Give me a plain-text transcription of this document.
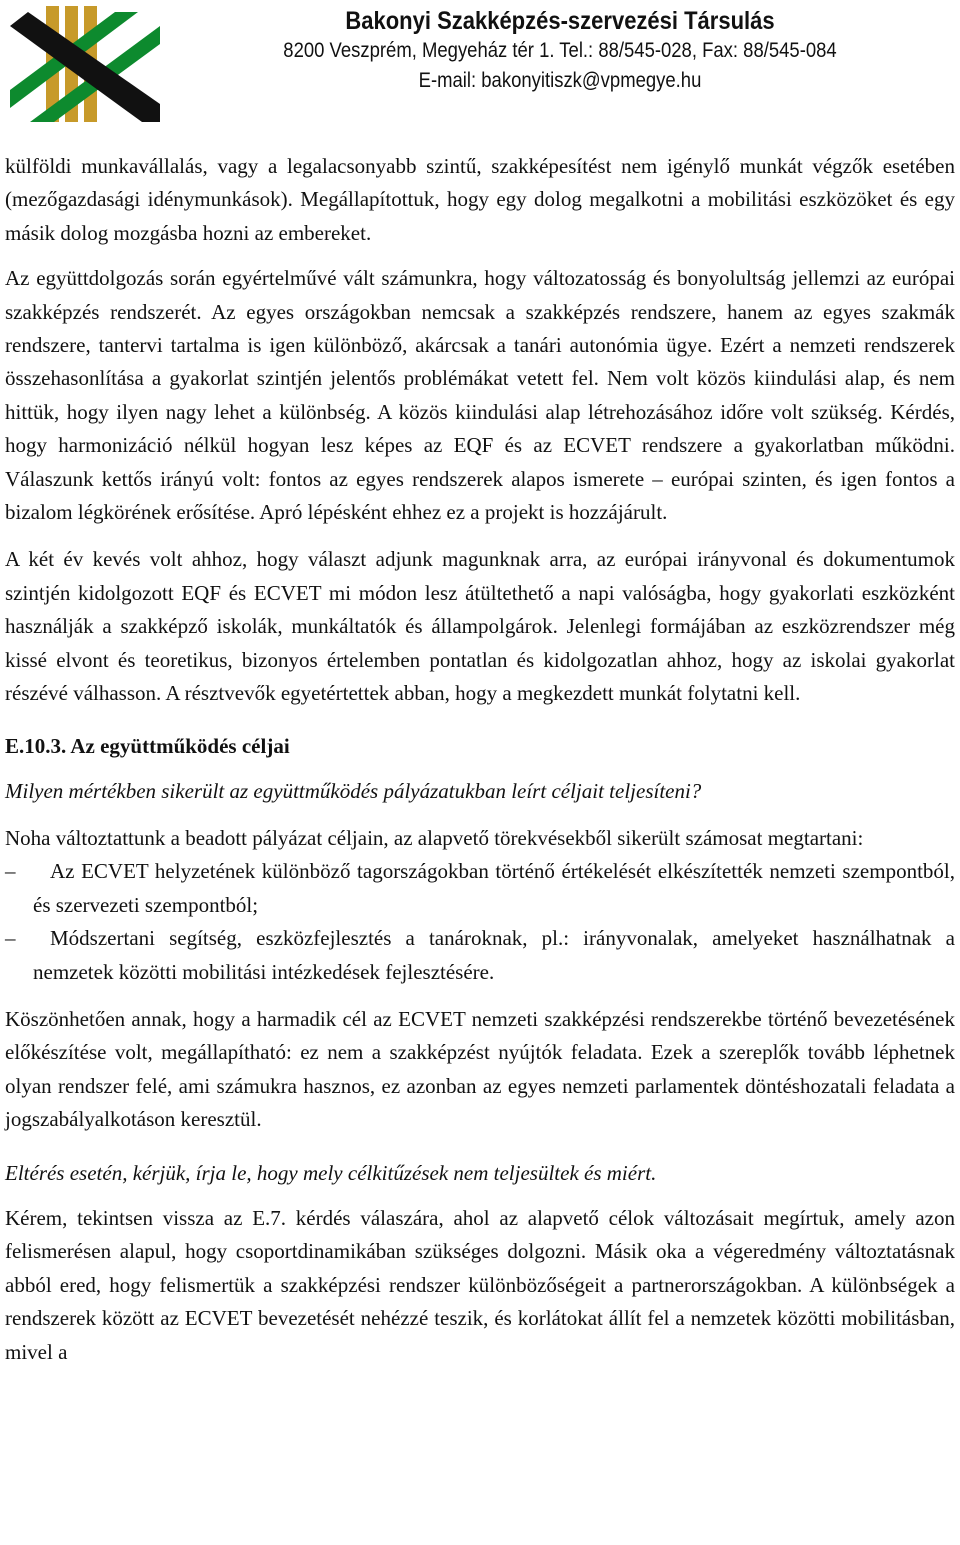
Bakonyi Szakképzés-szervezési Társulás
8200 Veszprém, Megyeház tér 1. Tel.: 88/545-028, Fax: 88/545-084
E-mail: bakonyitiszk@vpmegye.hu

külföldi munkavállalás, vagy a legalacsonyabb szintű, szakképesítést nem igénylő munkát végzők esetében (mezőgazdasági idénymunkások). Megállapítottuk, hogy egy dolog megalkotni a mobilitási eszközöket és egy másik dolog mozgásba hozni az embereket.

Az együttdolgozás során egyértelművé vált számunkra, hogy változatosság és bonyolultság jellemzi az európai szakképzés rendszerét. Az egyes országokban nemcsak a szakképzés rendszere, hanem az egyes szakmák rendszere, tantervi tartalma is igen különböző, akárcsak a tanári autonómia ügye. Ezért a nemzeti rendszerek összehasonlítása a gyakorlat szintjén jelentős problémákat vetett fel. Nem volt közös kiindulási alap, és nem hittük, hogy ilyen nagy lehet a különbség. A közös kiindulási alap létrehozásához időre volt szükség. Kérdés, hogy harmonizáció nélkül hogyan lesz képes az EQF és az ECVET rendszere a gyakorlatban működni. Válaszunk kettős irányú volt: fontos az egyes rendszerek alapos ismerete – európai szinten, és igen fontos a bizalom légkörének erősítése. Apró lépésként ehhez ez a projekt is hozzájárult.

A két év kevés volt ahhoz, hogy választ adjunk magunknak arra, az európai irányvonal és dokumentumok szintjén kidolgozott EQF és ECVET mi módon lesz átültethető a napi valóságba, hogy gyakorlati eszközként használják a szakképző iskolák, munkáltatók és állampolgárok. Jelenlegi formájában az eszközrendszer még kissé elvont és teoretikus, bizonyos értelemben pontatlan és kidolgozatlan ahhoz, hogy az iskolai gyakorlat részévé válhasson. A résztvevők egyetértettek abban, hogy a megkezdett munkát folytatni kell.

E.10.3. Az együttműködés céljai

Milyen mértékben sikerült az együttműködés pályázatukban leírt céljait teljesíteni?

Noha változtattunk a beadott pályázat céljain, az alapvető törekvésekből sikerült számosat megtartani:

– Az ECVET helyzetének különböző tagországokban történő értékelését elkészítették nemzeti szempontból, és szervezeti szempontból;
– Módszertani segítség, eszközfejlesztés a tanároknak, pl.: irányvonalak, amelyeket használhatnak a nemzetek közötti mobilitási intézkedések fejlesztésére.

Köszönhetően annak, hogy a harmadik cél az ECVET nemzeti szakképzési rendszerekbe történő bevezetésének előkészítése volt, megállapítható: ez nem a szakképzést nyújtók feladata. Ezek a szereplők tovább léphetnek olyan rendszer felé, ami számukra hasznos, ez azonban az egyes nemzeti parlamentek döntéshozatali feladata a jogszabályalkotáson keresztül.

Eltérés esetén, kérjük, írja le, hogy mely célkitűzések nem teljesültek és miért.

Kérem, tekintsen vissza az E.7. kérdés válaszára, ahol az alapvető célok változásait megírtuk, amely azon felismerésen alapul, hogy csoportdinamikában szükséges dolgozni. Másik oka a végeredmény változtatásnak abból ered, hogy felismertük a szakképzési rendszer különbözőségeit a partnerországokban. A különbségek a rendszerek között az ECVET bevezetését nehézzé teszik, és korlátokat állít fel a nemzetek közötti mobilitásban, mivel a
